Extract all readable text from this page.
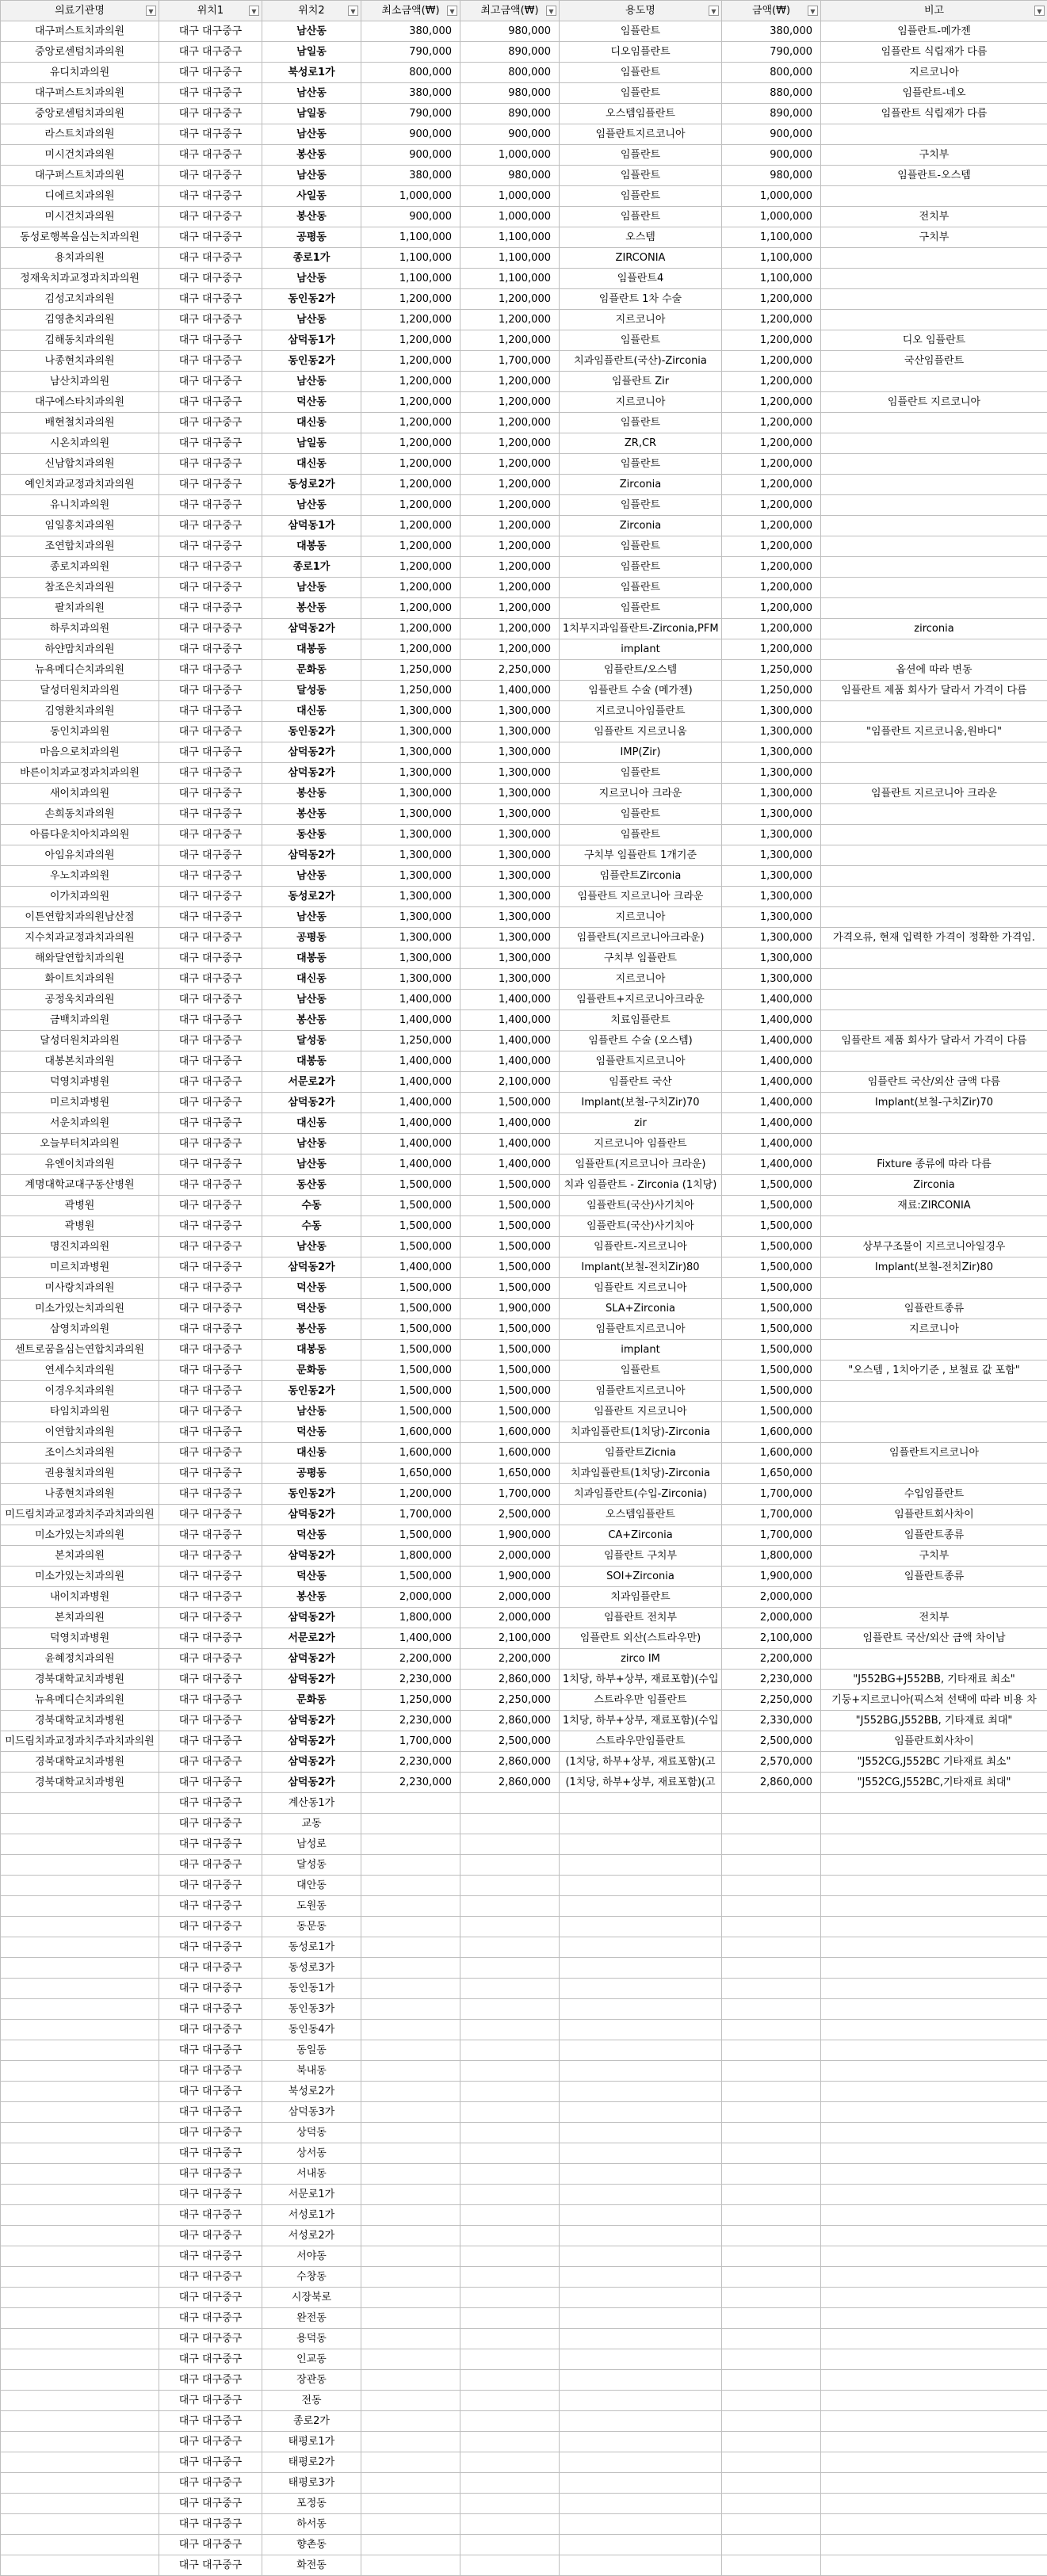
의료기관명 ▼	위치1 ▼	위치2 ▼	최소금액(₩) ▼	최고금액(₩) ▼	용도명 ▼	금액(₩) ▼	비고 ▼

대구퍼스트치과의원	대구 대구중구	남산동	380,000	980,000	임플란트	380,000	임플란트-메가젠
중앙로센텀치과의원	대구 대구중구	남일동	790,000	890,000	디오임플란트	790,000	임플란트 식립재가 다름
유디치과의원	대구 대구중구	북성로1가	800,000	800,000	임플란트	800,000	지르코니아
대구퍼스트치과의원	대구 대구중구	남산동	380,000	980,000	임플란트	880,000	임플란트-네오
중앙로센텀치과의원	대구 대구중구	남일동	790,000	890,000	오스템임플란트	890,000	임플란트 식립재가 다름
라스트치과의원	대구 대구중구	남산동	900,000	900,000	임플란트지르코니아	900,000	
미시건치과의원	대구 대구중구	봉산동	900,000	1,000,000	임플란트	900,000	구치부
대구퍼스트치과의원	대구 대구중구	남산동	380,000	980,000	임플란트	980,000	임플란트-오스템
디에르치과의원	대구 대구중구	사일동	1,000,000	1,000,000	임플란트	1,000,000	
미시건치과의원	대구 대구중구	봉산동	900,000	1,000,000	임플란트	1,000,000	전치부
동성로행복을심는치과의원	대구 대구중구	공평동	1,100,000	1,100,000	오스템	1,100,000	구치부
용치과의원	대구 대구중구	종로1가	1,100,000	1,100,000	ZIRCONIA	1,100,000	
정재욱치과교정과치과의원	대구 대구중구	남산동	1,100,000	1,100,000	임플란트4	1,100,000	
김성고치과의원	대구 대구중구	동인동2가	1,200,000	1,200,000	임플란트 1차 수술	1,200,000	
김영춘치과의원	대구 대구중구	남산동	1,200,000	1,200,000	지르코니아	1,200,000	
김해동치과의원	대구 대구중구	삼덕동1가	1,200,000	1,200,000	임플란트	1,200,000	디오 임플란트
나종현치과의원	대구 대구중구	동인동2가	1,200,000	1,700,000	치과임플란트(국산)-Zirconia	1,200,000	국산임플란트
남산치과의원	대구 대구중구	남산동	1,200,000	1,200,000	임플란트 Zir	1,200,000	
대구에스타치과의원	대구 대구중구	덕산동	1,200,000	1,200,000	지르코니아	1,200,000	임플란트 지르코니아
배현철치과의원	대구 대구중구	대신동	1,200,000	1,200,000	임플란트	1,200,000	
시온치과의원	대구 대구중구	남일동	1,200,000	1,200,000	ZR,CR	1,200,000	
신남합치과의원	대구 대구중구	대신동	1,200,000	1,200,000	임플란트	1,200,000	
예인치과교정과치과의원	대구 대구중구	동성로2가	1,200,000	1,200,000	Zirconia	1,200,000	
유니치과의원	대구 대구중구	남산동	1,200,000	1,200,000	임플란트	1,200,000	
임일흥치과의원	대구 대구중구	삼덕동1가	1,200,000	1,200,000	Zirconia	1,200,000	
조연합치과의원	대구 대구중구	대봉동	1,200,000	1,200,000	임플란트	1,200,000	
종로치과의원	대구 대구중구	종로1가	1,200,000	1,200,000	임플란트	1,200,000	
참조은치과의원	대구 대구중구	남산동	1,200,000	1,200,000	임플란트	1,200,000	
팔치과의원	대구 대구중구	봉산동	1,200,000	1,200,000	임플란트	1,200,000	
하루치과의원	대구 대구중구	삼덕동2가	1,200,000	1,200,000	1치부지과임플란트-Zirconia,PFM	1,200,000	zirconia
하얀맘치과의원	대구 대구중구	대봉동	1,200,000	1,200,000	implant	1,200,000	
뉴욕메디슨치과의원	대구 대구중구	문화동	1,250,000	2,250,000	임플란트/오스템	1,250,000	옵션에 따라 변동
달성더원치과의원	대구 대구중구	달성동	1,250,000	1,400,000	임플란트 수술 (메가젠)	1,250,000	임플란트 제품 회사가 달라서 가격이 다름
김영환치과의원	대구 대구중구	대신동	1,300,000	1,300,000	지르코니아임플란트	1,300,000	
동인치과의원	대구 대구중구	동인동2가	1,300,000	1,300,000	임플란트 지르코니움	1,300,000	"임플란트 지르코니움,원바디"
마음으로치과의원	대구 대구중구	삼덕동2가	1,300,000	1,300,000	IMP(Zir)	1,300,000	
바른이치과교정과치과의원	대구 대구중구	삼덕동2가	1,300,000	1,300,000	임플란트	1,300,000	
새이치과의원	대구 대구중구	봉산동	1,300,000	1,300,000	지르코니아 크라운	1,300,000	임플란트 지르코니아 크라운
손희동치과의원	대구 대구중구	봉산동	1,300,000	1,300,000	임플란트	1,300,000	
아름다운치아치과의원	대구 대구중구	동산동	1,300,000	1,300,000	임플란트	1,300,000	
아임유치과의원	대구 대구중구	삼덕동2가	1,300,000	1,300,000	구치부 임플란트 1개기준	1,300,000	
우노치과의원	대구 대구중구	남산동	1,300,000	1,300,000	임플란트Zirconia	1,300,000	
이가치과의원	대구 대구중구	동성로2가	1,300,000	1,300,000	임플란트 지르코니아 크라운	1,300,000	
이튼연합치과의원남산점	대구 대구중구	남산동	1,300,000	1,300,000	지르코니아	1,300,000	
지수치과교정과치과의원	대구 대구중구	공평동	1,300,000	1,300,000	임플란트(지르코니아크라운)	1,300,000	가격오류, 현재 입력한 가격이 정확한 가격임.
해와달연합치과의원	대구 대구중구	대봉동	1,300,000	1,300,000	구치부 임플란트	1,300,000	
화이트치과의원	대구 대구중구	대신동	1,300,000	1,300,000	지르코니아	1,300,000	
공정욱치과의원	대구 대구중구	남산동	1,400,000	1,400,000	임플란트+지르코니아크라운	1,400,000	
금백치과의원	대구 대구중구	봉산동	1,400,000	1,400,000	치료임플란트	1,400,000	
달성더원치과의원	대구 대구중구	달성동	1,250,000	1,400,000	임플란트 수술 (오스템)	1,400,000	임플란트 제품 회사가 달라서 가격이 다름
대봉본치과의원	대구 대구중구	대봉동	1,400,000	1,400,000	임플란트지르코니아	1,400,000	
덕영치과병원	대구 대구중구	서문로2가	1,400,000	2,100,000	임플란트 국산	1,400,000	임플란트 국산/외산 금액 다름
미르치과병원	대구 대구중구	삼덕동2가	1,400,000	1,500,000	Implant(보철-구치Zir)70	1,400,000	Implant(보철-구치Zir)70
서운치과의원	대구 대구중구	대신동	1,400,000	1,400,000	zir	1,400,000	
오늘부터치과의원	대구 대구중구	남산동	1,400,000	1,400,000	지르코니아 임플란트	1,400,000	
유엔이치과의원	대구 대구중구	남산동	1,400,000	1,400,000	임플란트(지르코니아 크라운)	1,400,000	Fixture 종류에 따라 다름
계명대학교대구동산병원	대구 대구중구	동산동	1,500,000	1,500,000	치과 임플란트 - Zirconia (1치당)	1,500,000	Zirconia
곽병원	대구 대구중구	수동	1,500,000	1,500,000	임플란트(국산)사기치아	1,500,000	재료:ZIRCONIA
곽병원	대구 대구중구	수동	1,500,000	1,500,000	임플란트(국산)사기치아	1,500,000	
명진치과의원	대구 대구중구	남산동	1,500,000	1,500,000	임플란트-지르코니아	1,500,000	상부구조물이 지르코니아일경우
미르치과병원	대구 대구중구	삼덕동2가	1,400,000	1,500,000	Implant(보철-전치Zir)80	1,500,000	Implant(보철-전치Zir)80
미사랑치과의원	대구 대구중구	덕산동	1,500,000	1,500,000	임플란트 지르코니아	1,500,000	
미소가있는치과의원	대구 대구중구	덕산동	1,500,000	1,900,000	SLA+Zirconia	1,500,000	임플란트종류
삼영치과의원	대구 대구중구	봉산동	1,500,000	1,500,000	임플란트지르코니아	1,500,000	지르코니아
센트로꿈을심는연합치과의원	대구 대구중구	대봉동	1,500,000	1,500,000	implant	1,500,000	
연세수치과의원	대구 대구중구	문화동	1,500,000	1,500,000	임플란트	1,500,000	"오스템 , 1치아기준 , 보철료 값 포함"
이경우치과의원	대구 대구중구	동인동2가	1,500,000	1,500,000	임플란트지르코니아	1,500,000	
타임치과의원	대구 대구중구	남산동	1,500,000	1,500,000	임플란트 지르코니아	1,500,000	
이연합치과의원	대구 대구중구	덕산동	1,600,000	1,600,000	치과임플란트(1치당)-Zirconia	1,600,000	
조이스치과의원	대구 대구중구	대신동	1,600,000	1,600,000	임플란트Zicnia	1,600,000	임플란트지르코니아
권용철치과의원	대구 대구중구	공평동	1,650,000	1,650,000	치과임플란트(1치당)-Zirconia	1,650,000	
나종현치과의원	대구 대구중구	동인동2가	1,200,000	1,700,000	치과임플란트(수입-Zirconia)	1,700,000	수입임플란트
미드림치과교정과치주과치과의원	대구 대구중구	삼덕동2가	1,700,000	2,500,000	오스템임플란트	1,700,000	임플란트회사차이
미소가있는치과의원	대구 대구중구	덕산동	1,500,000	1,900,000	CA+Zirconia	1,700,000	임플란트종류
본치과의원	대구 대구중구	삼덕동2가	1,800,000	2,000,000	임플란트 구치부	1,800,000	구치부
미소가있는치과의원	대구 대구중구	덕산동	1,500,000	1,900,000	SOI+Zirconia	1,900,000	임플란트종류
내이치과병원	대구 대구중구	봉산동	2,000,000	2,000,000	치과임플란트	2,000,000	
본치과의원	대구 대구중구	삼덕동2가	1,800,000	2,000,000	임플란트 전치부	2,000,000	전치부
덕영치과병원	대구 대구중구	서문로2가	1,400,000	2,100,000	임플란트 외산(스트라우만)	2,100,000	임플란트 국산/외산 금액 차이남
윤혜정치과의원	대구 대구중구	삼덕동2가	2,200,000	2,200,000	zirco IM	2,200,000	
경북대학교치과병원	대구 대구중구	삼덕동2가	2,230,000	2,860,000	1치당, 하부+상부, 재료포함)(수입	2,230,000	"J552BG+J552BB, 기타재료 최소"
뉴욕메디슨치과의원	대구 대구중구	문화동	1,250,000	2,250,000	스트라우만 임플란트	2,250,000	기둥+지르코니아(픽스쳐 선택에 따라 비용 차
경북대학교치과병원	대구 대구중구	삼덕동2가	2,230,000	2,860,000	1치당, 하부+상부, 재료포함)(수입	2,330,000	"J552BG,J552BB, 기타재료 최대"
미드림치과교정과치주과치과의원	대구 대구중구	삼덕동2가	1,700,000	2,500,000	스트라우만임플란트	2,500,000	임플란트회사차이
경북대학교치과병원	대구 대구중구	삼덕동2가	2,230,000	2,860,000	(1치당, 하부+상부, 재료포함)(고	2,570,000	"J552CG,J552BC 기타재료 최소"
경북대학교치과병원	대구 대구중구	삼덕동2가	2,230,000	2,860,000	(1치당, 하부+상부, 재료포함)(고	2,860,000	"J552CG,J552BC,기타재료 최대"
	대구 대구중구	계산동1가					
	대구 대구중구	교동					
	대구 대구중구	남성로					
	대구 대구중구	달성동					
	대구 대구중구	대안동					
	대구 대구중구	도원동					
	대구 대구중구	동문동					
	대구 대구중구	동성로1가					
	대구 대구중구	동성로3가					
	대구 대구중구	동인동1가					
	대구 대구중구	동인동3가					
	대구 대구중구	동인동4가					
	대구 대구중구	동일동					
	대구 대구중구	북내동					
	대구 대구중구	북성로2가					
	대구 대구중구	삼덕동3가					
	대구 대구중구	상덕동					
	대구 대구중구	상서동					
	대구 대구중구	서내동					
	대구 대구중구	서문로1가					
	대구 대구중구	서성로1가					
	대구 대구중구	서성로2가					
	대구 대구중구	서야동					
	대구 대구중구	수창동					
	대구 대구중구	시장북로					
	대구 대구중구	완전동					
	대구 대구중구	용덕동					
	대구 대구중구	인교동					
	대구 대구중구	장관동					
	대구 대구중구	전동					
	대구 대구중구	종로2가					
	대구 대구중구	태평로1가					
	대구 대구중구	태평로2가					
	대구 대구중구	태평로3가					
	대구 대구중구	포정동					
	대구 대구중구	하서동					
	대구 대구중구	향촌동					
	대구 대구중구	화전동					
